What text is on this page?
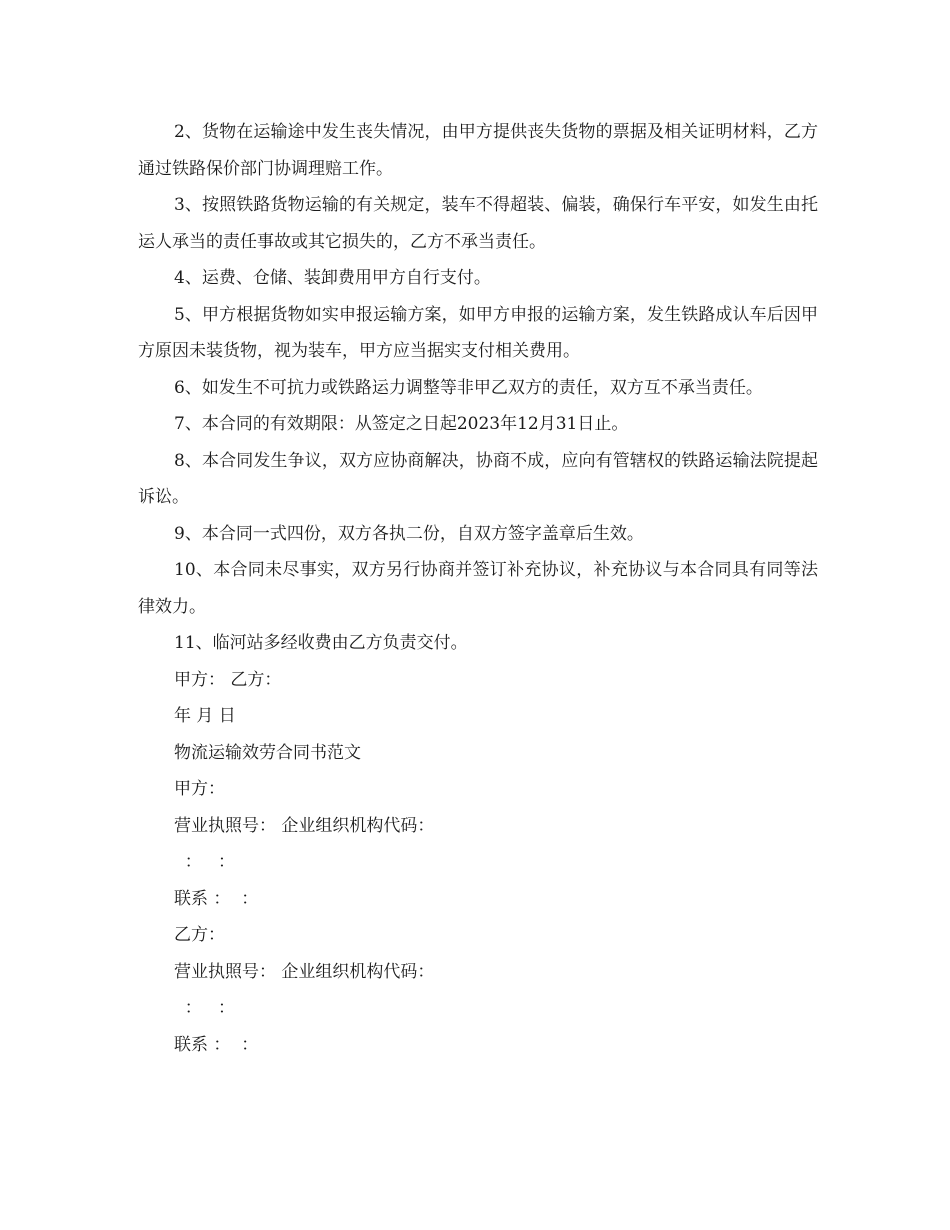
2、货物在运输途中发生丧失情况，由甲方提供丧失货物的票据及相关证明材料，乙方通过铁路保价部门协调理赔工作。

3、按照铁路货物运输的有关规定，装车不得超装、偏装，确保行车平安，如发生由托运人承当的责任事故或其它损失的，乙方不承当责任。

4、运费、仓储、装卸费用甲方自行支付。

5、甲方根据货物如实申报运输方案，如甲方申报的运输方案，发生铁路成认车后因甲方原因未装货物，视为装车，甲方应当据实支付相关费用。

6、如发生不可抗力或铁路运力调整等非甲乙双方的责任，双方互不承当责任。

7、本合同的有效期限：从签定之日起2023年12月31日止。

8、本合同发生争议，双方应协商解决，协商不成，应向有管辖权的铁路运输法院提起诉讼。

9、本合同一式四份，双方各执二份，自双方签字盖章后生效。

10、本合同未尽事实，双方另行协商并签订补充协议，补充协议与本合同具有同等法律效力。

11、临河站多经收费由乙方负责交付。

甲方： 乙方：

年 月 日

物流运输效劳合同书范文

甲方：

营业执照号： 企业组织机构代码：

：   ：

联系 ：  ：

乙方：

营业执照号： 企业组织机构代码：

：   ：

联系 ：  ：
